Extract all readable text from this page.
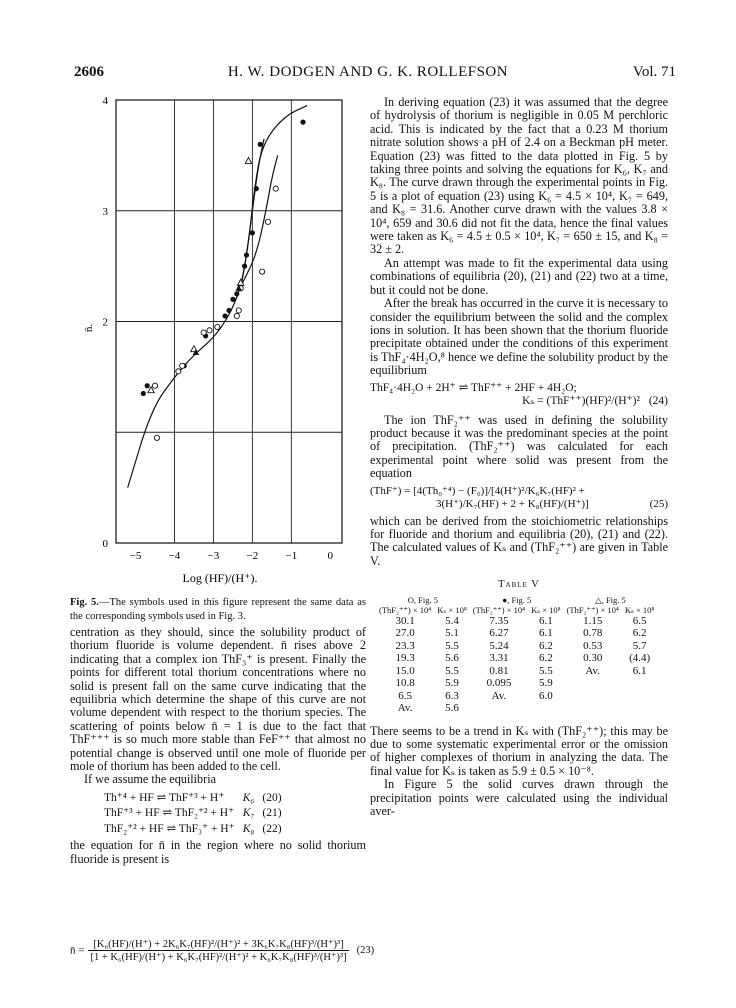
2606	H. W. DODGEN AND G. K. ROLLEFSON	Vol. 71
−5 −4 −3 −2 −1	0
0
2
3
4
Log (HF)/(H⁺).
n̄.
Fig. 5.—The symbols used in this figure represent the same data as the corresponding symbols used in Fig. 3.

centration as they should, since the solubility product of thorium fluoride is volume dependent. n̄ rises above 2 indicating that a complex ion ThF₃⁺ is present. Finally the points for different total thorium concentrations where no solid is present fall on the same curve indicating that the equilibria which determine the shape of this curve are not volume dependent with respect to the thorium species. The scattering of points below n̄ = 1 is due to the fact that ThF⁺⁺⁺ is so much more stable than FeF⁺⁺ that almost no potential change is observed until one mole of fluoride per mole of thorium has been added to the cell.

If we assume the equilibria

Th⁺⁴ + HF ⇌ ThF⁺³ + H⁺	K₆	(20)
ThF⁺³ + HF ⇌ ThF₂⁺² + H⁺	K₇	(21)
ThF₂⁺² + HF ⇌ ThF₃⁺ + H⁺	K₈	(22)

the equation for n̄ in the region where no solid thorium fluoride is present is

n̄ = $\frac{\text{[K₆(HF)/(H⁺) + 2K₆K₇(HF)²/(H⁺)² + 3K₆K₇K₈(HF)³/(H⁺)³]}}{\text{[1 + K₆(HF)/(H⁺) + K₆K₇(HF)²/(H⁺)² + K₆K₇K₈(HF)³/(H⁺)³]}} (23)$

In deriving equation (23) it was assumed that the degree of hydrolysis of thorium is negligible in 0.05 M perchloric acid. This is indicated by the fact that a 0.23 M thorium nitrate solution shows a pH of 2.4 on a Beckman pH meter. Equation (23) was fitted to the data plotted in Fig. 5 by taking three points and solving the equations for K₆, K₇ and K₈. The curve drawn through the experimental points in Fig. 5 is a plot of equation (23) using K₆ = 4.5 × 10⁴, K₇ = 649, and K₈ = 31.6. Another curve drawn with the values 3.8 × 10⁴, 659 and 30.6 did not fit the data, hence the final values were taken as K₆ = 4.5 ± 0.5 × 10⁴, K₇ = 650 ± 15, and K₈ = 32 ± 2.

An attempt was made to fit the experimental data using combinations of equilibria (20), (21) and (22) two at a time, but it could not be done.

After the break has occurred in the curve it is necessary to consider the equilibrium between the solid and the complex ions in solution. It has been shown that the thorium fluoride precipitate obtained under the conditions of this experiment is ThF₄·4H₂O,⁸ hence we define the solubility product by the equilibrium

ThF₄·4H₂O + 2H⁺ ⇌ ThF⁺⁺ + 2HF + 4H₂O;
Kₛ = (ThF⁺⁺)(HF)²/(H⁺)² (24)

The ion ThF₂⁺⁺ was used in defining the solubility product because it was the predominant species at the point of precipitation. (ThF₂⁺⁺) was calculated for each experimental point where solid was present from the equation

(ThF⁺) = [4(Th₀⁺⁴) − (F₀)]/[4(H⁺)²/K₆K₇(HF)² +
3(H⁺)/K₇(HF) + 2 + K₈(HF)/(H⁺)]	(25)

which can be derived from the stoichiometric relationships for fluoride and thorium and equilibria (20), (21) and (22). The calculated values of Kₛ and (ThF₂⁺⁺) are given in Table V.

Table V
O, Fig. 5		●, Fig. 5		△, Fig. 5	
(ThF₂⁺⁺) × 10⁴	Kₛ × 10⁸	(ThF₂⁺⁺) × 10⁴	Kₛ × 10⁸	(ThF₂⁺⁺) × 10⁴	Kₛ × 10⁸
30.1	5.4	7.35	6.1	1.15	6.5
27.0	5.1	6.27	6.1	0.78	6.2
23.3	5.5	5.24	6.2	0.53	5.7
19.3	5.6	3.31	6.2	0.30	(4.4)
15.0	5.5	0.81	5.5	Av.	6.1
10.8	5.9	0.095	5.9		
6.5	6.3	Av.	6.0		
Av.	5.6				

There seems to be a trend in Kₛ with (ThF₂⁺⁺); this may be due to some systematic experimental error or the omission of higher complexes of thorium in analyzing the data. The final value for Kₛ is taken as 5.9 ± 0.5 × 10⁻⁸.

In Figure 5 the solid curves drawn through the precipitation points were calculated using the individual aver-
